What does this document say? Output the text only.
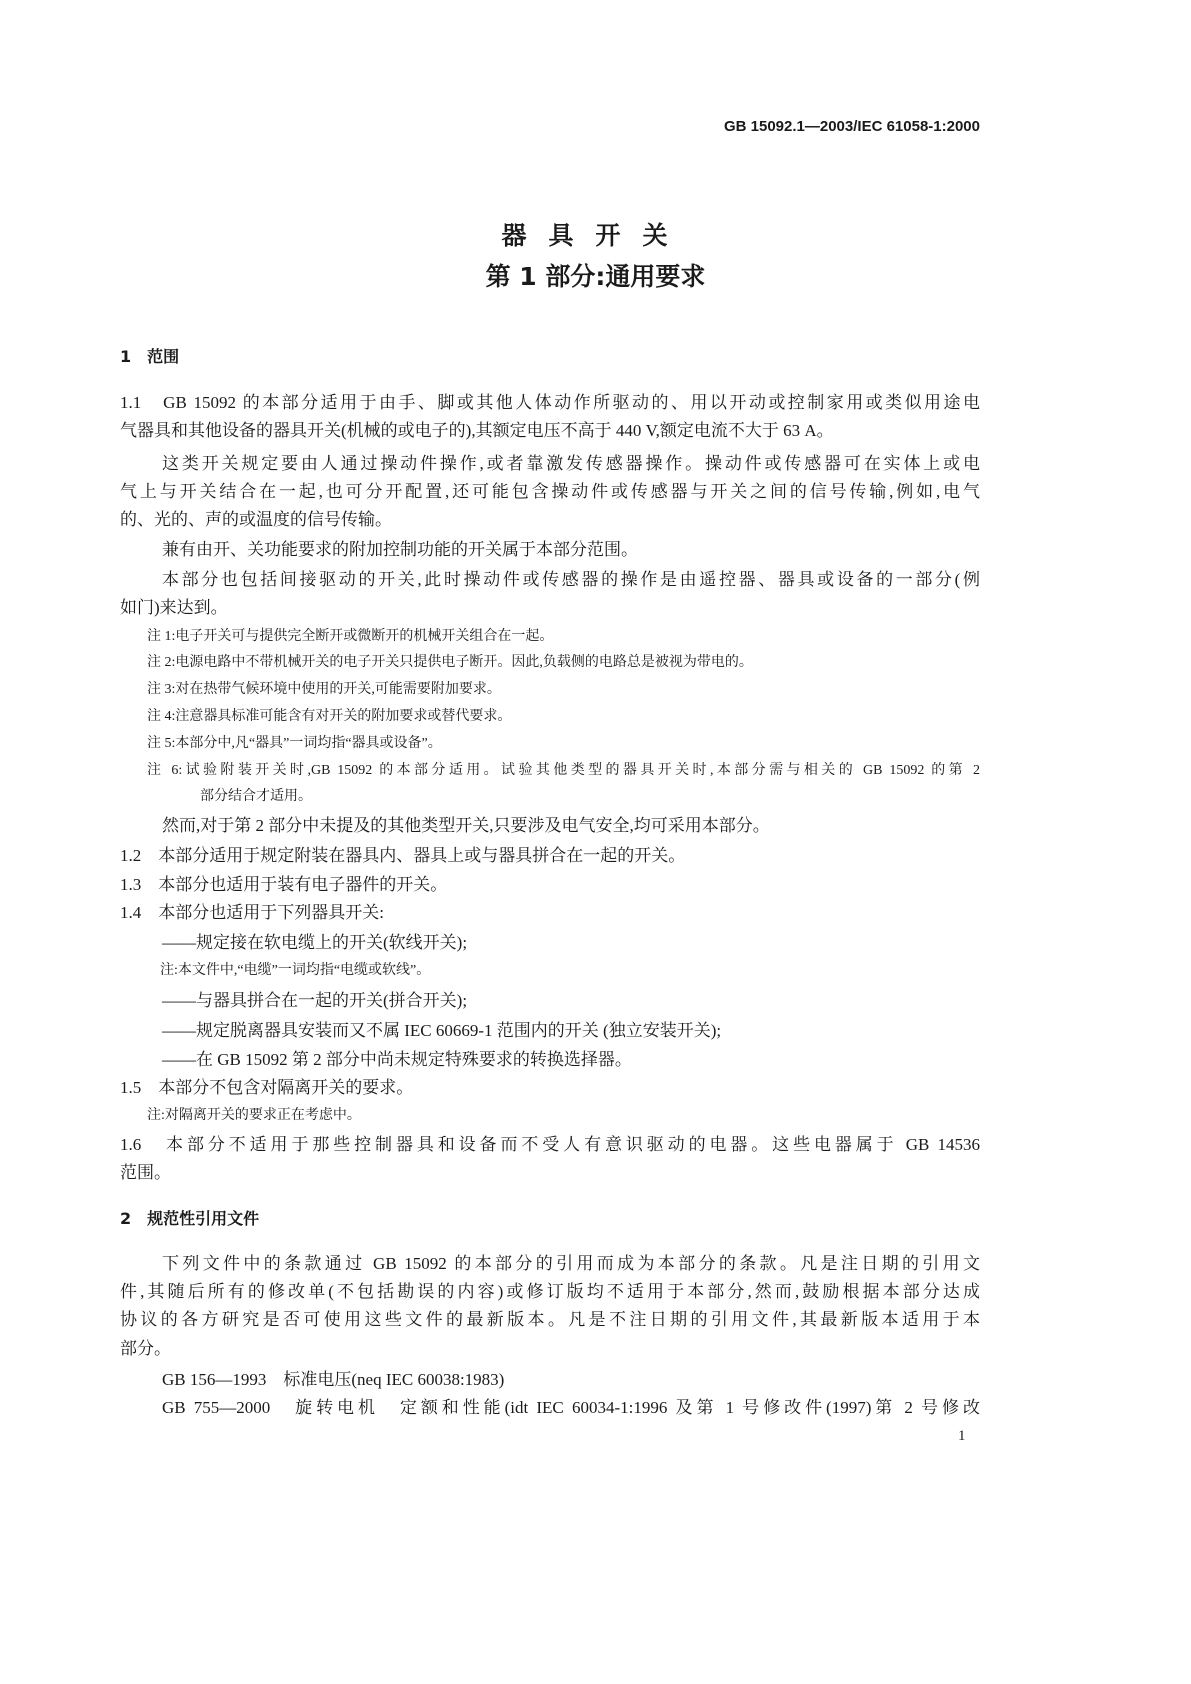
GB 15092.1—2003/IEC 61058-1:2000
器具开关
第 1 部分:通用要求
1　范围
1.1　GB 15092 的本部分适用于由手、脚或其他人体动作所驱动的、用以开动或控制家用或类似用途电
气器具和其他设备的器具开关(机械的或电子的),其额定电压不高于 440 V,额定电流不大于 63 A。
这类开关规定要由人通过操动件操作,或者靠激发传感器操作。操动件或传感器可在实体上或电
气上与开关结合在一起,也可分开配置,还可能包含操动件或传感器与开关之间的信号传输,例如,电气
的、光的、声的或温度的信号传输。
兼有由开、关功能要求的附加控制功能的开关属于本部分范围。
本部分也包括间接驱动的开关,此时操动件或传感器的操作是由遥控器、器具或设备的一部分(例
如门)来达到。
注 1:电子开关可与提供完全断开或微断开的机械开关组合在一起。
注 2:电源电路中不带机械开关的电子开关只提供电子断开。因此,负载侧的电路总是被视为带电的。
注 3:对在热带气候环境中使用的开关,可能需要附加要求。
注 4:注意器具标准可能含有对开关的附加要求或替代要求。
注 5:本部分中,凡“器具”一词均指“器具或设备”。
注 6:试验附装开关时,GB 15092 的本部分适用。试验其他类型的器具开关时,本部分需与相关的 GB 15092 的第 2
部分结合才适用。
然而,对于第 2 部分中未提及的其他类型开关,只要涉及电气安全,均可采用本部分。
1.2　本部分适用于规定附装在器具内、器具上或与器具拼合在一起的开关。
1.3　本部分也适用于装有电子器件的开关。
1.4　本部分也适用于下列器具开关:
——规定接在软电缆上的开关(软线开关);
注:本文件中,“电缆”一词均指“电缆或软线”。
——与器具拼合在一起的开关(拼合开关);
——规定脱离器具安装而又不属 IEC 60669-1 范围内的开关 (独立安装开关);
——在 GB 15092 第 2 部分中尚未规定特殊要求的转换选择器。
1.5　本部分不包含对隔离开关的要求。
注:对隔离开关的要求正在考虑中。
1.6　本部分不适用于那些控制器具和设备而不受人有意识驱动的电器。这些电器属于 GB 14536
范围。
2　规范性引用文件
下列文件中的条款通过 GB 15092 的本部分的引用而成为本部分的条款。凡是注日期的引用文
件,其随后所有的修改单(不包括勘误的内容)或修订版均不适用于本部分,然而,鼓励根据本部分达成
协议的各方研究是否可使用这些文件的最新版本。凡是不注日期的引用文件,其最新版本适用于本
部分。
GB 156—1993　标准电压(neq IEC 60038:1983)
GB 755—2000　旋转电机　定额和性能(idt IEC 60034-1:1996 及第 1 号修改件(1997)第 2 号修改
1
